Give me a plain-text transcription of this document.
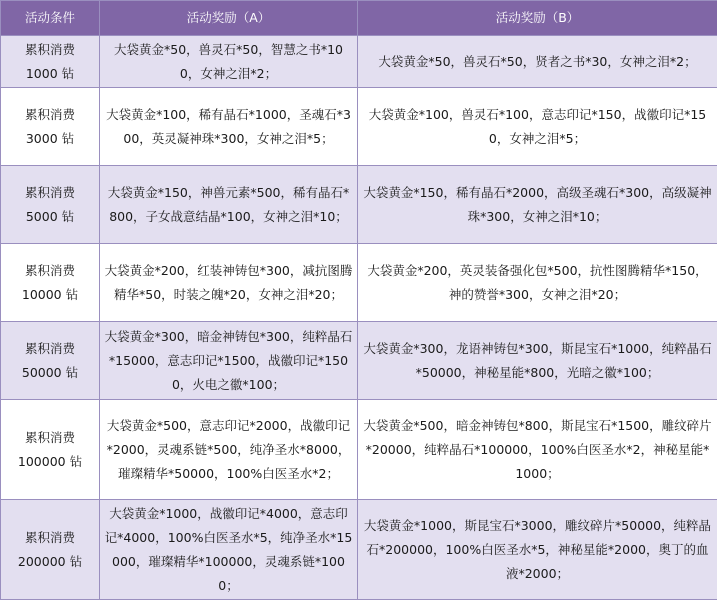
活动条件	活动奖励（A）	活动奖励（B）

累积消费
1000 钻	大袋黄金*50，兽灵石*50，智慧之书*100，女神之泪*2；	大袋黄金*50，兽灵石*50，贤者之书*30，女神之泪*2；

累积消费
3000 钻	大袋黄金*100，稀有晶石*1000，圣魂石*300，英灵凝神珠*300，女神之泪*5；	大袋黄金*100，兽灵石*100，意志印记*150，战徽印记*150，女神之泪*5；

累积消费
5000 钻	大袋黄金*150，神兽元素*500，稀有晶石*800，子女战意结晶*100，女神之泪*10；	大袋黄金*150，稀有晶石*2000，高级圣魂石*300，高级凝神珠*300，女神之泪*10；

累积消费
10000 钻	大袋黄金*200，红装神铸包*300，减抗图腾精华*50，时装之魄*20，女神之泪*20；	大袋黄金*200，英灵装备强化包*500，抗性图腾精华*150，神的赞誉*300，女神之泪*20；

累积消费
50000 钻	大袋黄金*300，暗金神铸包*300，纯粹晶石*15000，意志印记*1500，战徽印记*1500，火电之徽*100；	大袋黄金*300，龙语神铸包*300，斯昆宝石*1000，纯粹晶石*50000，神秘星能*800，光暗之徽*100；

累积消费
100000 钻	大袋黄金*500，意志印记*2000，战徽印记*2000，灵魂系链*500，纯净圣水*8000，璀璨精华*50000，100%白医圣水*2；	大袋黄金*500，暗金神铸包*800，斯昆宝石*1500，雕纹碎片*20000，纯粹晶石*100000，100%白医圣水*2，神秘星能*1000；

累积消费
200000 钻	大袋黄金*1000，战徽印记*4000，意志印记*4000，100%白医圣水*5，纯净圣水*15000，璀璨精华*100000，灵魂系链*1000；	大袋黄金*1000，斯昆宝石*3000，雕纹碎片*50000，纯粹晶石*200000，100%白医圣水*5，神秘星能*2000，奥丁的血液*2000；
